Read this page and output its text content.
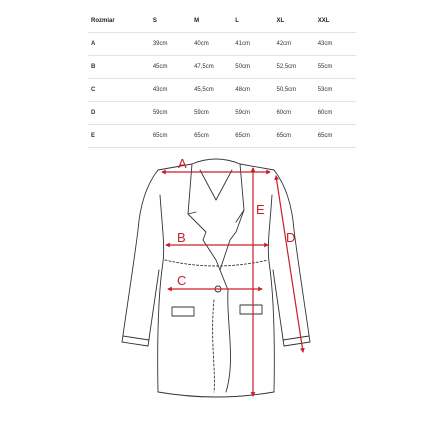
Rozmiar	S	M	L	XL	XXL
A	39cm	40cm	41cm	42cm	43cm
B	45cm	47,5cm	50cm	52,5cm	55cm
C	43cm	45,5cm	48cm	50,5cm	53cm
D	59cm	59cm	59cm	60cm	60cm
E	65cm	65cm	65cm	65cm	65cm
A
B
C
D
E
